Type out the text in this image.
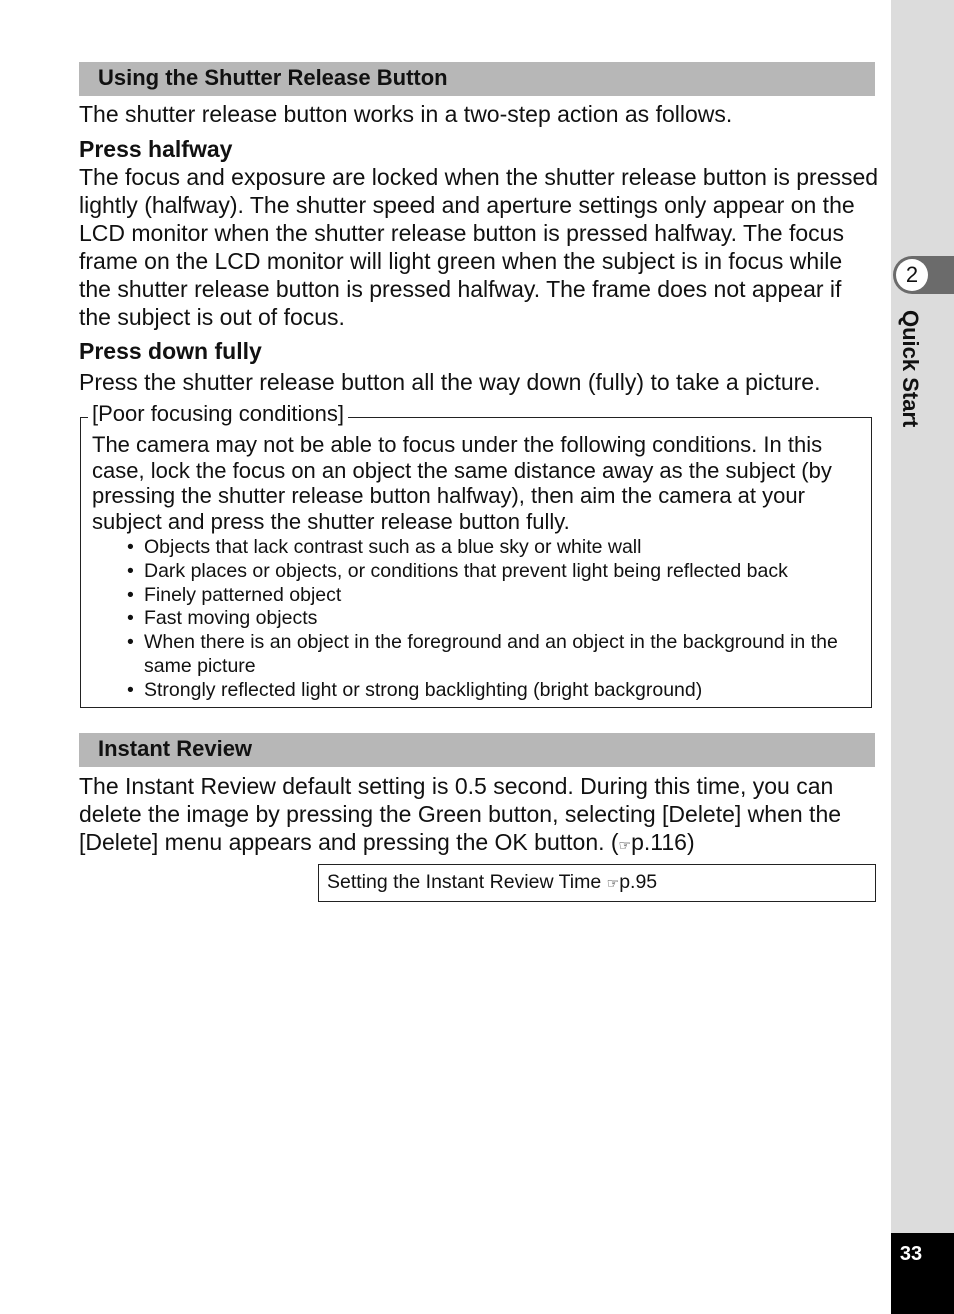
2
Quick Start
33
Using the Shutter Release Button

The shutter release button works in a two-step action as follows.

Press halfway

The focus and exposure are locked when the shutter release button is pressed lightly (halfway). The shutter speed and aperture settings only appear on the LCD monitor when the shutter release button is pressed halfway. The focus frame on the LCD monitor will light green when the subject is in focus while the shutter release button is pressed halfway. The frame does not appear if the subject is out of focus.

Press down fully

Press the shutter release button all the way down (fully) to take a picture.

[Poor focusing conditions]

The camera may not be able to focus under the following conditions. In this case, lock the focus on an object the same distance away as the subject (by pressing the shutter release button halfway), then aim the camera at your subject and press the shutter release button fully.

• Objects that lack contrast such as a blue sky or white wall
• Dark places or objects, or conditions that prevent light being reflected back
• Finely patterned object
• Fast moving objects
• When there is an object in the foreground and an object in the background in the same picture
• Strongly reflected light or strong backlighting (bright background)
Instant Review

The Instant Review default setting is 0.5 second. During this time, you can delete the image by pressing the Green button, selecting [Delete] when the [Delete] menu appears and pressing the OK button. (☞p.116)

Setting the Instant Review Time ☞p.95
